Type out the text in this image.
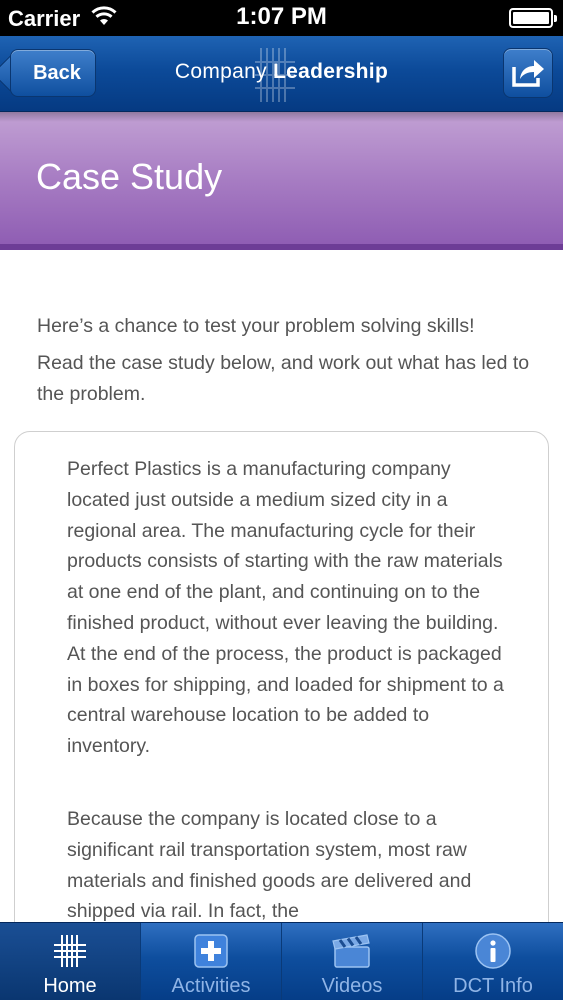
Carrier	1:07 PM
Back	Company Leadership
Case Study

Here’s a chance to test your problem solving skills!

Read the case study below, and work out what has led to the problem.

Perfect Plastics is a manufacturing company located just outside a medium sized city in a regional area. The manufacturing cycle for their products consists of starting with the raw materials at one end of the plant, and continuing on to the finished product, without ever leaving the building. At the end of the process, the product is packaged in boxes for shipping, and loaded for shipment to a central warehouse location to be added to inventory.

Because the company is located close to a significant rail transportation system, most raw materials and finished goods are delivered and shipped via rail. In fact, the

Home	Activities	Videos	DCT Info
